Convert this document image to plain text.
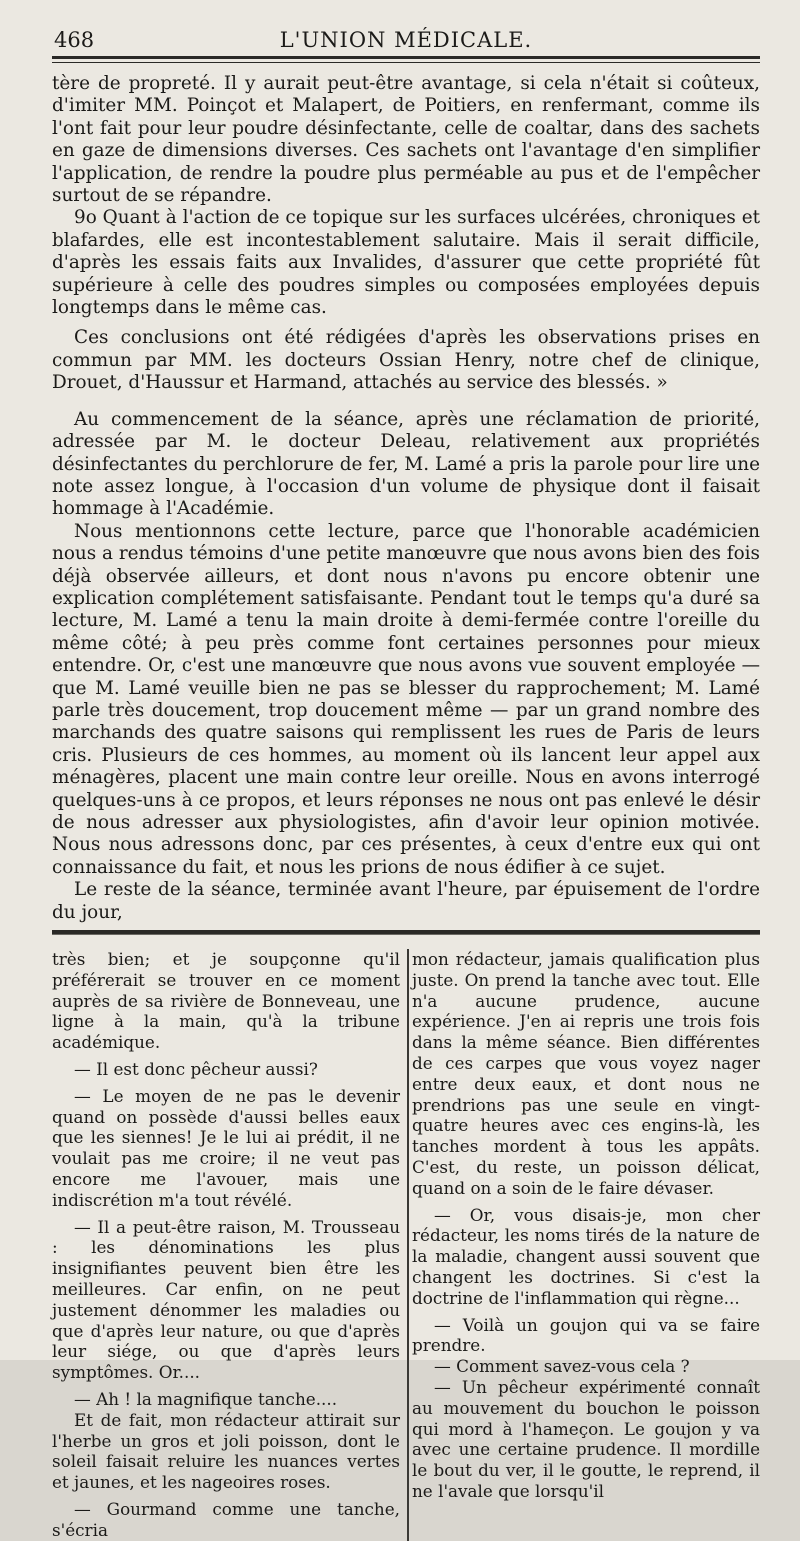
468	L'UNION MÉDICALE.

tère de propreté. Il y aurait peut-être avantage, si cela n'était si coûteux, d'imiter MM. Poinçot et Malapert, de Poitiers, en renfermant, comme ils l'ont fait pour leur poudre désinfectante, celle de coaltar, dans des sachets en gaze de dimensions diverses. Ces sachets ont l'avantage d'en simplifier l'application, de rendre la poudre plus perméable au pus et de l'empêcher surtout de se répandre.

9o Quant à l'action de ce topique sur les surfaces ulcérées, chroniques et blafardes, elle est incontestablement salutaire. Mais il serait difficile, d'après les essais faits aux Invalides, d'assurer que cette propriété fût supérieure à celle des poudres simples ou composées employées depuis longtemps dans le même cas.

Ces conclusions ont été rédigées d'après les observations prises en commun par MM. les docteurs Ossian Henry, notre chef de clinique, Drouet, d'Haussur et Harmand, attachés au service des blessés. »

Au commencement de la séance, après une réclamation de priorité, adressée par M. le docteur Deleau, relativement aux propriétés désinfectantes du perchlorure de fer, M. Lamé a pris la parole pour lire une note assez longue, à l'occasion d'un volume de physique dont il faisait hommage à l'Académie.

Nous mentionnons cette lecture, parce que l'honorable académicien nous a rendus témoins d'une petite manœuvre que nous avons bien des fois déjà observée ailleurs, et dont nous n'avons pu encore obtenir une explication complétement satisfaisante. Pendant tout le temps qu'a duré sa lecture, M. Lamé a tenu la main droite à demi-fermée contre l'oreille du même côté; à peu près comme font certaines personnes pour mieux entendre. Or, c'est une manœuvre que nous avons vue souvent employée — que M. Lamé veuille bien ne pas se blesser du rapprochement; M. Lamé parle très doucement, trop doucement même — par un grand nombre des marchands des quatre saisons qui remplissent les rues de Paris de leurs cris. Plusieurs de ces hommes, au moment où ils lancent leur appel aux ménagères, placent une main contre leur oreille. Nous en avons interrogé quelques-uns à ce propos, et leurs réponses ne nous ont pas enlevé le désir de nous adresser aux physiologistes, afin d'avoir leur opinion motivée. Nous nous adressons donc, par ces présentes, à ceux d'entre eux qui ont connaissance du fait, et nous les prions de nous édifier à ce sujet.

Le reste de la séance, terminée avant l'heure, par épuisement de l'ordre du jour,

très bien; et je soupçonne qu'il préférerait se trouver en ce moment auprès de sa rivière de Bonneveau, une ligne à la main, qu'à la tribune académique.

— Il est donc pêcheur aussi?

— Le moyen de ne pas le devenir quand on possède d'aussi belles eaux que les siennes! Je le lui ai prédit, il ne voulait pas me croire; il ne veut pas encore me l'avouer, mais une indiscrétion m'a tout révélé.

— Il a peut-être raison, M. Trousseau : les dénominations les plus insignifiantes peuvent bien être les meilleures. Car enfin, on ne peut justement dénommer les maladies ou que d'après leur nature, ou que d'après leur siége, ou que d'après leurs symptômes. Or....

— Ah ! la magnifique tanche....

Et de fait, mon rédacteur attirait sur l'herbe un gros et joli poisson, dont le soleil faisait reluire les nuances vertes et jaunes, et les nageoires roses.

— Gourmand comme une tanche, s'écria

mon rédacteur, jamais qualification plus juste. On prend la tanche avec tout. Elle n'a aucune prudence, aucune expérience. J'en ai repris une trois fois dans la même séance. Bien différentes de ces carpes que vous voyez nager entre deux eaux, et dont nous ne prendrions pas une seule en vingt-quatre heures avec ces engins-là, les tanches mordent à tous les appâts. C'est, du reste, un poisson délicat, quand on a soin de le faire dévaser.

— Or, vous disais-je, mon cher rédacteur, les noms tirés de la nature de la maladie, changent aussi souvent que changent les doctrines. Si c'est la doctrine de l'inflammation qui règne...

— Voilà un goujon qui va se faire prendre.

— Comment savez-vous cela ?

— Un pêcheur expérimenté connaît au mouvement du bouchon le poisson qui mord à l'hameçon. Le goujon y va avec une certaine prudence. Il mordille le bout du ver, il le goutte, le reprend, il ne l'avale que lorsqu'il
